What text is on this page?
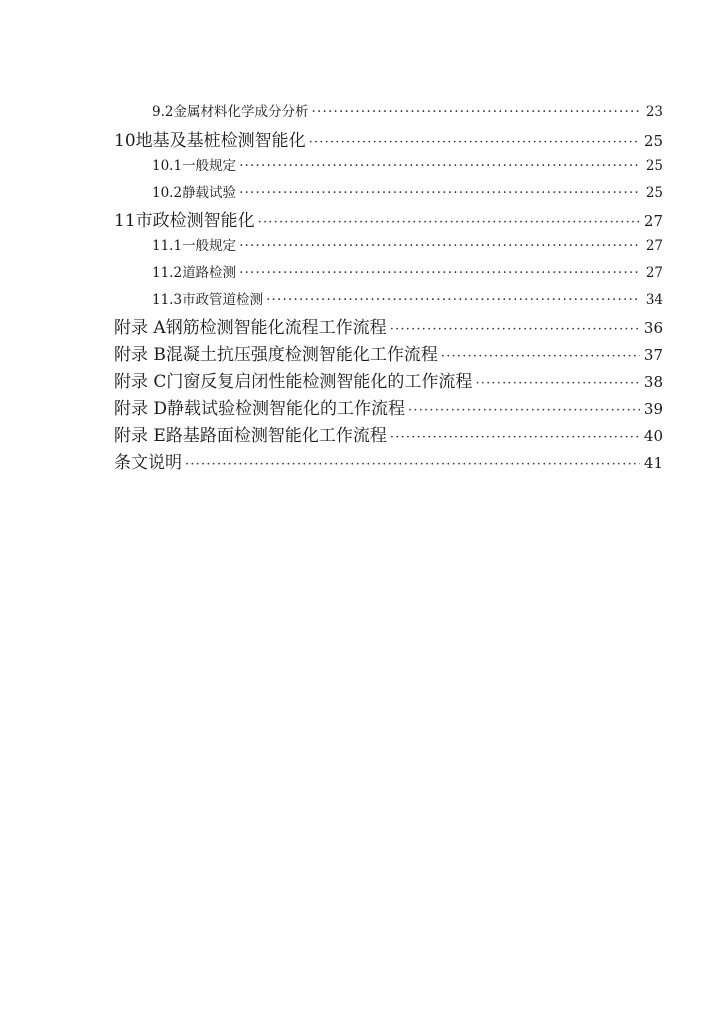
9.2 金属材料化学成分分析 ·····	23
10 地基及基桩检测智能化 ·····	25
10.1 一般规定 ·····	25
10.2 静载试验 ·····	25
11 市政检测智能化 ·····	27
11.1 一般规定 ·····	27
11.2 道路检测 ·····	27
11.3 市政管道检测 ·····	34
附录 A 钢筋检测智能化流程工作流程 ·····	36
附录 B 混凝土抗压强度检测智能化工作流程 ·····	37
附录 C 门窗反复启闭性能检测智能化的工作流程 ·····	38
附录 D 静载试验检测智能化的工作流程 ·····	39
附录 E 路基路面检测智能化工作流程 ·····	40
条文说明 ·····	41
